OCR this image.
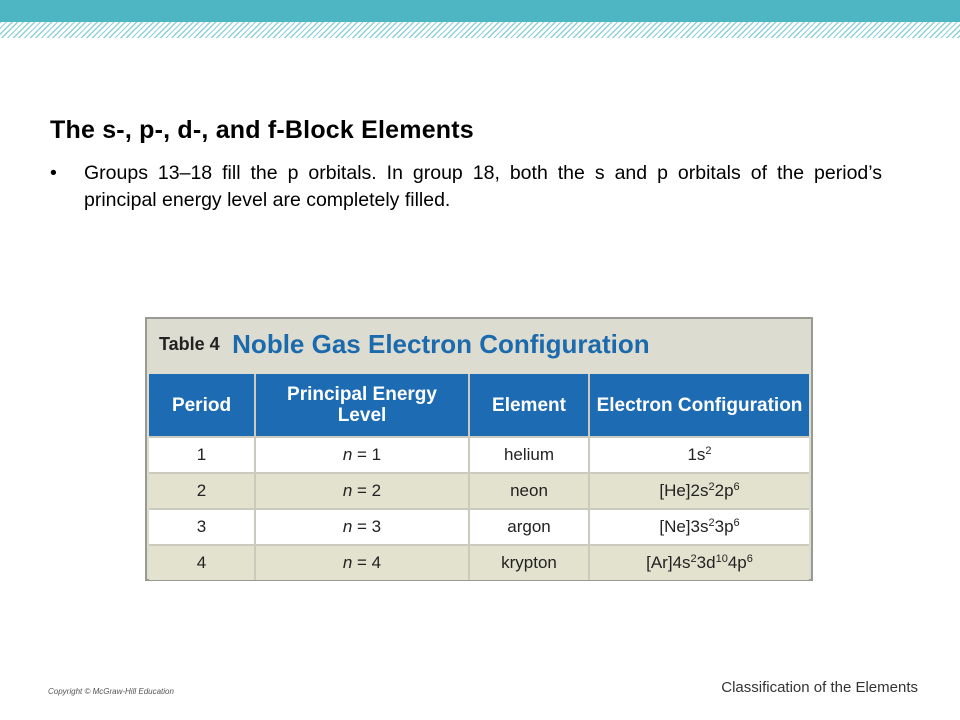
The s-, p-, d-, and f-Block Elements
• Groups 13–18 fill the p orbitals. In group 18, both the s and p orbitals of the period’s principal energy level are completely filled.
Table 4 Noble Gas Electron Configuration
Period	Principal Energy Level	Element	Electron Configuration
1	n = 1	helium	$1s^2$
2	n = 2	neon	$[He]2s^22p^6$
3	n = 3	argon	$[Ne]3s^23p^6$
4	n = 4	krypton	$[Ar]4s^23d^{10}4p^6$
Copyright © McGraw-Hill Education	Classification of the Elements
